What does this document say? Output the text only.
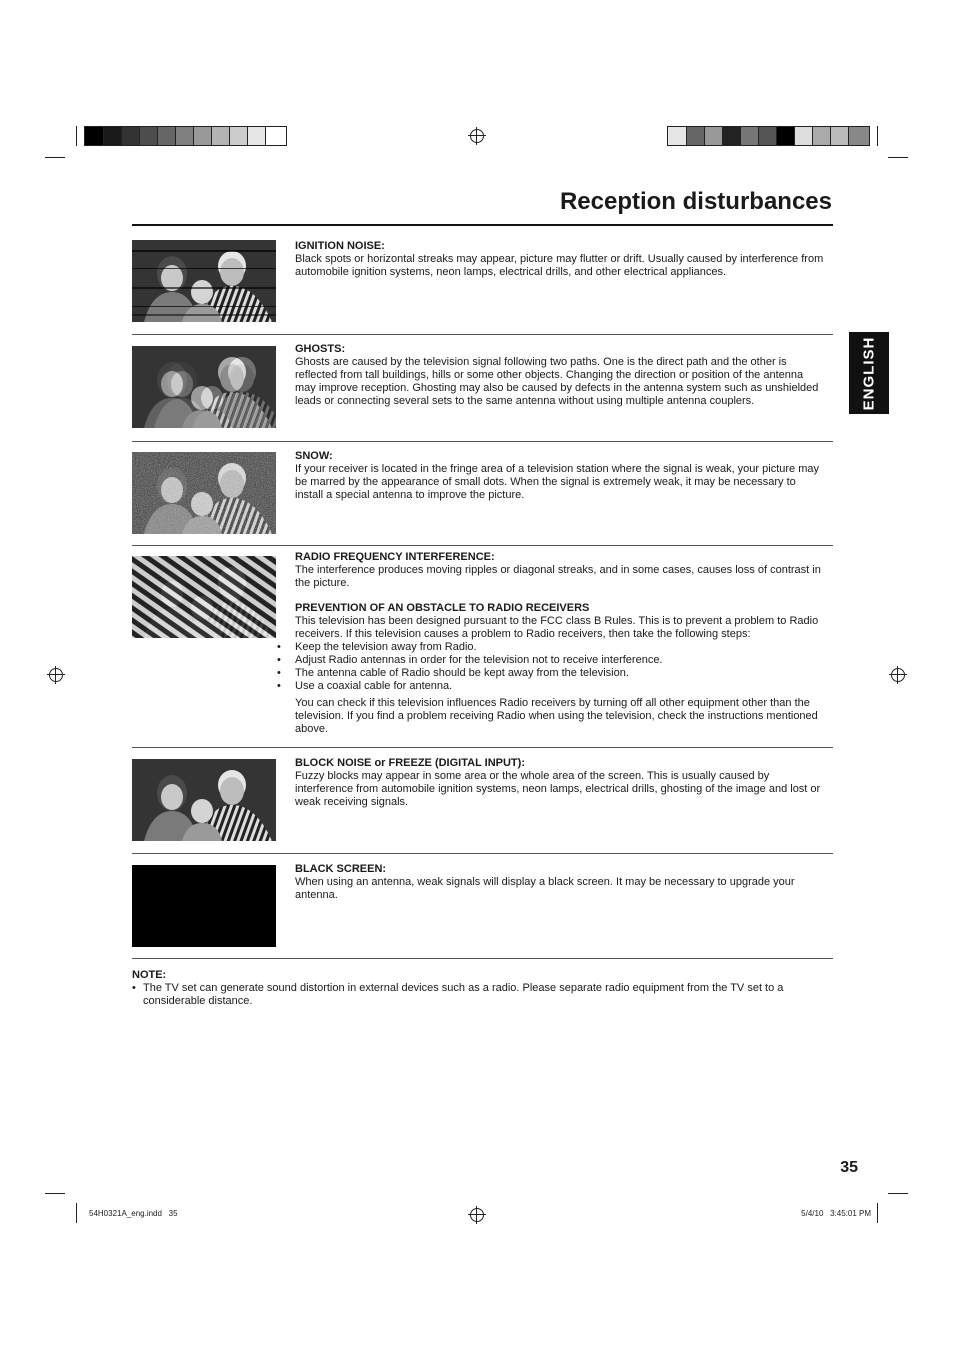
Reception disturbances
ENGLISH
IGNITION NOISE:

Black spots or horizontal streaks may appear, picture may flutter or drift. Usually caused by interference from automobile ignition systems, neon lamps, electrical drills, and other electrical appliances.

GHOSTS:

Ghosts are caused by the television signal following two paths. One is the direct path and the other is reflected from tall buildings, hills or some other objects. Changing the direction or position of the antenna may improve reception. Ghosting may also be caused by defects in the antenna system such as unshielded leads or connecting several sets to the same antenna without using multiple antenna couplers.

SNOW:

If your receiver is located in the fringe area of a television station where the signal is weak, your picture may be marred by the appearance of small dots. When the signal is extremely weak, it may be necessary to install a special antenna to improve the picture.

RADIO FREQUENCY INTERFERENCE:

The interference produces moving ripples or diagonal streaks, and in some cases, causes loss of contrast in the picture.

PREVENTION OF AN OBSTACLE TO RADIO RECEIVERS

This television has been designed pursuant to the FCC class B Rules. This is to prevent a problem to Radio receivers. If this television causes a problem to Radio receivers, then take the following steps:

• Keep the television away from Radio.
• Adjust Radio antennas in order for the television not to receive interference.
• The antenna cable of Radio should be kept away from the television.
• Use a coaxial cable for antenna.

You can check if this television influences Radio receivers by turning off all other equipment other than the television. If you find a problem receiving Radio when using the television, check the instructions mentioned above.

BLOCK NOISE or FREEZE (DIGITAL INPUT):

Fuzzy blocks may appear in some area or the whole area of the screen. This is usually caused by interference from automobile ignition systems, neon lamps, electrical drills, ghosting of the image and lost or weak receiving signals.

BLACK SCREEN:

When using an antenna, weak signals will display a black screen. It may be necessary to upgrade your antenna.

NOTE:
• The TV set can generate sound distortion in external devices such as a radio. Please separate radio equipment from the TV set to a considerable distance.
35
54H0321A_eng.indd   35	5/4/10   3:45:01 PM
